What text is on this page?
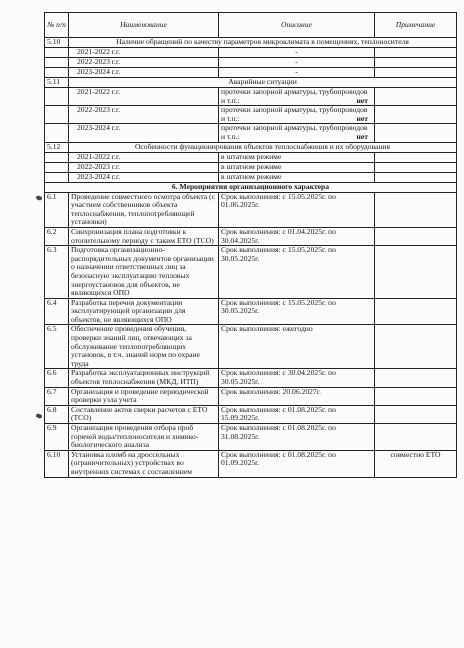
№ п/п	Наименование	Описание	Примечание
5.10	Наличие обращений по качеству параметров микроклимата в помещениях, теплоносителя		
	2021-2022 г.г.	-	
	2022-2023 г.г.	-	
	2023-2024 г.г.	-	
5.11	Аварийные ситуации		
	2021-2022 г.г.	протечки запорной арматуры, трубопроводов и т.п.: нет	

	2022-2023 г.г.	протечки запорной арматуры, трубопроводов и т.п.: нет	

	2023-2024 г.г.	протечки запорной арматуры, трубопроводов и т.п.: нет	

5.12	Особенности функционирования объектов теплоснабжения и их оборудования		
	2021-2022 г.г.	в штатном режиме	
	2022-2023 г.г.	в штатном режиме	
	2023-2024 г.г.	в штатном режиме	
6. Мероприятия организационного характера			
6.1	Проведение совместного осмотра объекта (с участием собственников объекта теплоснабжения, теплопотребляющей установки)	Срок выполнения: с 15.05.2025г. по 01.06.2025г.	
6.2	Синхронизация плана подготовки к отопительному периоду с таким ЕТО (ТСО)	Срок выполнения: с 01.04.2025г. по 30.04.2025г.	
6.3	Подготовка организационно-распорядительных документов организации о назначении ответственных лиц за безопасную эксплуатацию тепловых энергоустановок для объектов, не являющихся ОПО	Срок выполнения: с 15.05.2025г. по 30.05.2025г.	
6.4	Разработка перечня документации эксплуатирующей организации для объектов, не являющихся ОПО	Срок выполнения: с 15.05.2025г. по 30.05.2025г.	
6.5	Обеспечение проведения обучения, проверки знаний лиц, отвечающих за обслуживание теплопотребляющих установок, в т.ч. знаний норм по охране труда	Срок выполнения: ежегодно	
6.6	Разработка эксплуатационных инструкций объектов теплоснабжения (МКД, ИТП)	Срок выполнения: с 30.04.2025г. по 30.05.2025г.	
6.7	Организация и проведение периодической проверки узла учета	Срок выполнения: 20.06.2027г.	
6.8	Составление актов сверки расчетов с ЕТО (ТСО)	Срок выполнения: с 01.08.2025г. по 15.09.2025г.	
6.9	Организация проведения отбора проб горячей воды/теплоносителя и химико-биологического анализа	Срок выполнения: с 01.08.2025г. по 31.08.2025г.	
6.10	Установка пломб на дроссельных (ограничительных) устройствах во внутренних системах с составлением	Срок выполнения: с 01.08.2025г. по 01.09.2025г.	совместно ЕТО
